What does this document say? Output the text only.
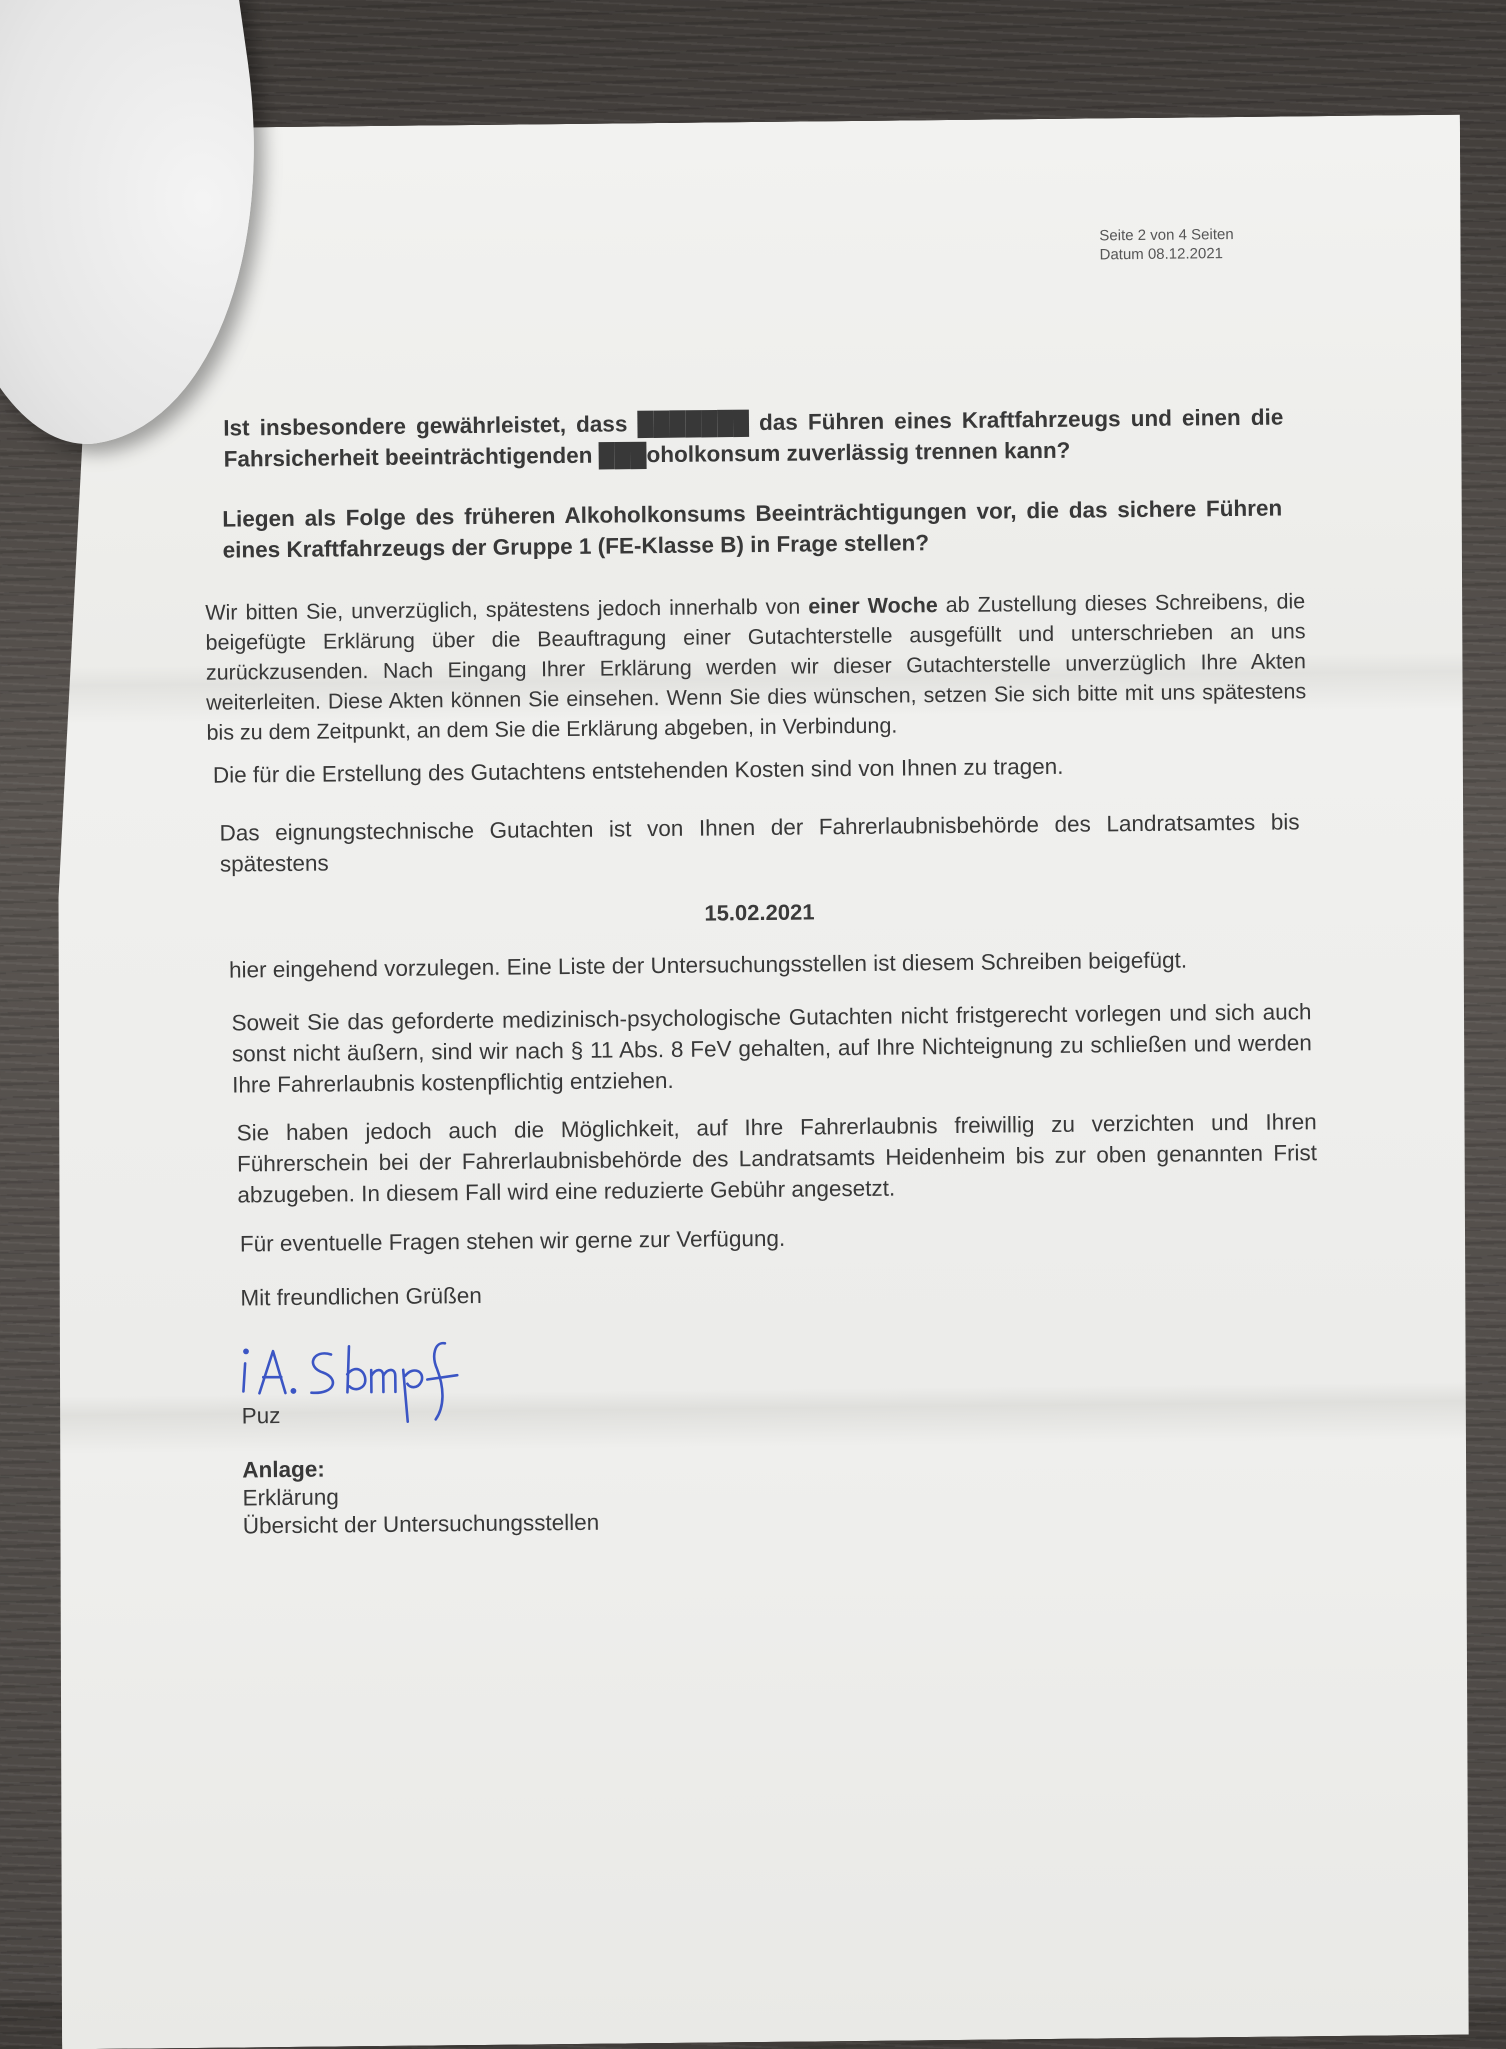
Seite 2 von 4 Seiten
Datum 08.12.2021
Ist insbesondere gewährleistet, dass ███████ das Führen eines Kraftfahrzeugs und einen die Fahrsicherheit beeinträchtigenden ███oholkonsum zuverlässig trennen kann?
Liegen als Folge des früheren Alkoholkonsums Beeinträchtigungen vor, die das sichere Führen eines Kraftfahrzeugs der Gruppe 1 (FE-Klasse B) in Frage stellen?
Wir bitten Sie, unverzüglich, spätestens jedoch innerhalb von einer Woche ab Zustellung dieses Schreibens, die beigefügte Erklärung über die Beauftragung einer Gutachterstelle ausgefüllt und unterschrieben an uns zurückzusenden. Nach Eingang Ihrer Erklärung werden wir dieser Gutachterstelle unverzüglich Ihre Akten weiterleiten. Diese Akten können Sie einsehen. Wenn Sie dies wünschen, setzen Sie sich bitte mit uns spätestens bis zu dem Zeitpunkt, an dem Sie die Erklärung abgeben, in Verbindung.
Die für die Erstellung des Gutachtens entstehenden Kosten sind von Ihnen zu tragen.
Das eignungstechnische Gutachten ist von Ihnen der Fahrerlaubnisbehörde des Landratsamtes bis spätestens
15.02.2021
hier eingehend vorzulegen. Eine Liste der Untersuchungsstellen ist diesem Schreiben beigefügt.
Soweit Sie das geforderte medizinisch-psychologische Gutachten nicht fristgerecht vorlegen und sich auch sonst nicht äußern, sind wir nach § 11 Abs. 8 FeV gehalten, auf Ihre Nichteignung zu schließen und werden Ihre Fahrerlaubnis kostenpflichtig entziehen.
Sie haben jedoch auch die Möglichkeit, auf Ihre Fahrerlaubnis freiwillig zu verzichten und Ihren Führerschein bei der Fahrerlaubnisbehörde des Landratsamts Heidenheim bis zur oben genannten Frist abzugeben. In diesem Fall wird eine reduzierte Gebühr angesetzt.
Für eventuelle Fragen stehen wir gerne zur Verfügung.
Mit freundlichen Grüßen
Puz
Anlage:
Erklärung
Übersicht der Untersuchungsstellen
